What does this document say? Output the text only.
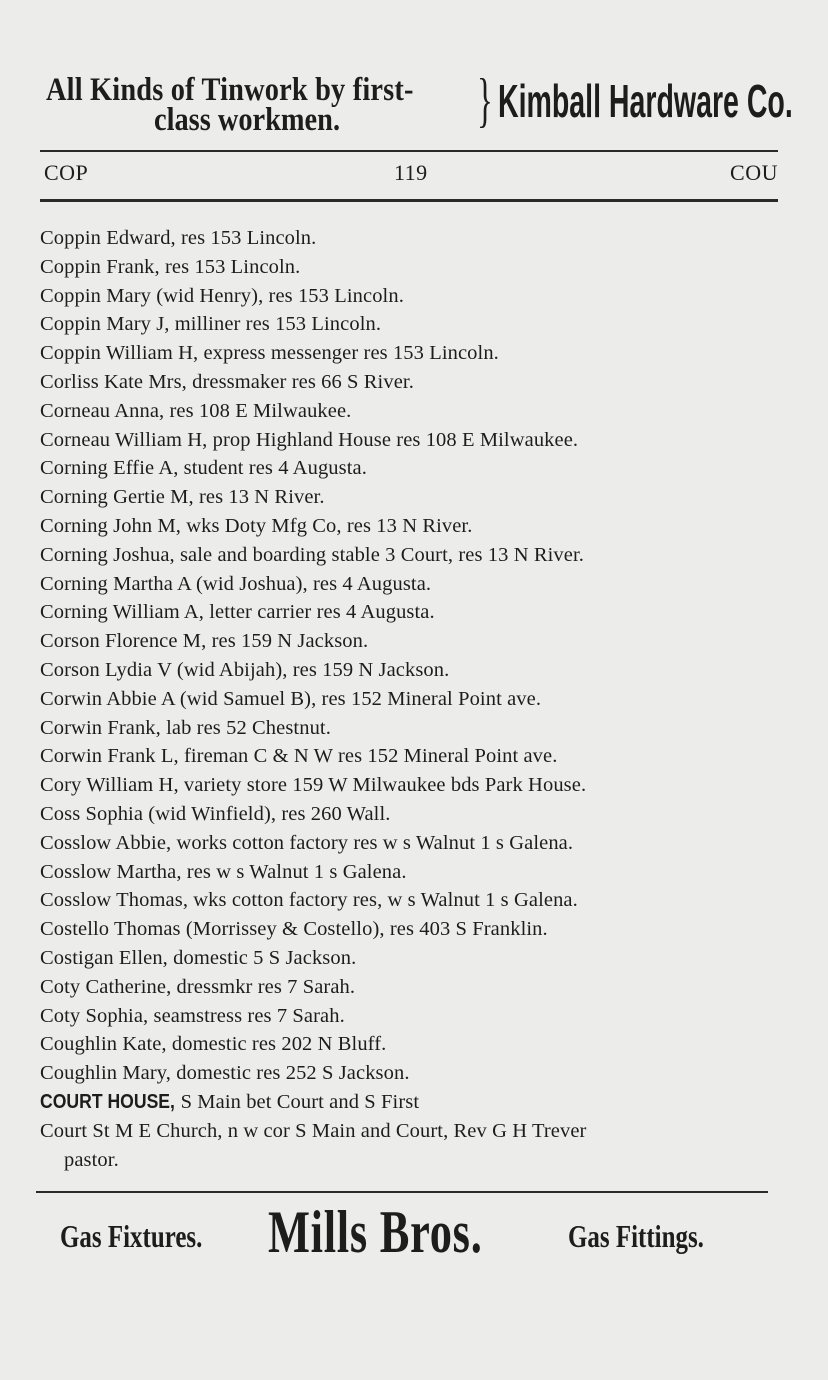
All Kinds of Tinwork by first-
class workmen. } Kimball Hardware Co.
COP	119	COU
Coppin Edward, res 153 Lincoln.
Coppin Frank, res 153 Lincoln.
Coppin Mary (wid Henry), res 153 Lincoln.
Coppin Mary J, milliner res 153 Lincoln.
Coppin William H, express messenger res 153 Lincoln.
Corliss Kate Mrs, dressmaker res 66 S River.
Corneau Anna, res 108 E Milwaukee.
Corneau William H, prop Highland House res 108 E Milwaukee.
Corning Effie A, student res 4 Augusta.
Corning Gertie M, res 13 N River.
Corning John M, wks Doty Mfg Co, res 13 N River.
Corning Joshua, sale and boarding stable 3 Court, res 13 N River.
Corning Martha A (wid Joshua), res 4 Augusta.
Corning William A, letter carrier res 4 Augusta.
Corson Florence M, res 159 N Jackson.
Corson Lydia V (wid Abijah), res 159 N Jackson.
Corwin Abbie A (wid Samuel B), res 152 Mineral Point ave.
Corwin Frank, lab res 52 Chestnut.
Corwin Frank L, fireman C & N W res 152 Mineral Point ave.
Cory William H, variety store 159 W Milwaukee bds Park House.
Coss Sophia (wid Winfield), res 260 Wall.
Cosslow Abbie, works cotton factory res w s Walnut 1 s Galena.
Cosslow Martha, res w s Walnut 1 s Galena.
Cosslow Thomas, wks cotton factory res, w s Walnut 1 s Galena.
Costello Thomas (Morrissey & Costello), res 403 S Franklin.
Costigan Ellen, domestic 5 S Jackson.
Coty Catherine, dressmkr res 7 Sarah.
Coty Sophia, seamstress res 7 Sarah.
Coughlin Kate, domestic res 202 N Bluff.
Coughlin Mary, domestic res 252 S Jackson.
COURT HOUSE, S Main bet Court and S First
Court St M E Church, n w cor S Main and Court, Rev G H Trever
pastor.
Gas Fixtures. Mills Bros.	Gas Fittings.
